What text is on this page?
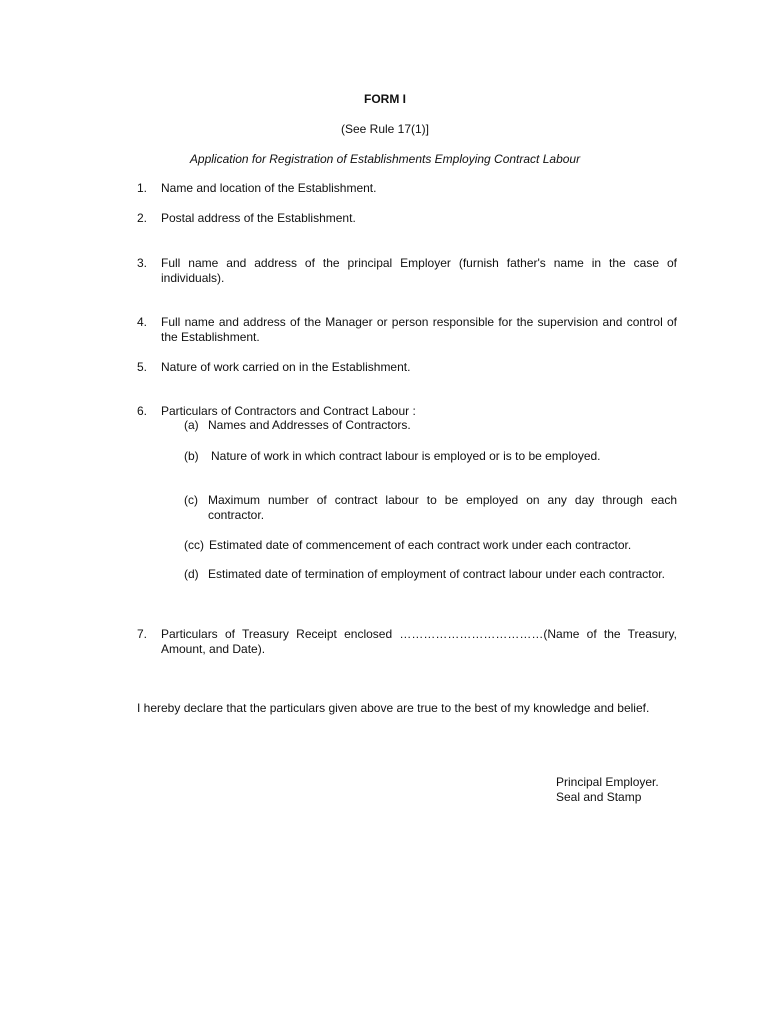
FORM I
(See Rule 17(1)]
Application for Registration of Establishments Employing Contract Labour
1.	Name and location of the Establishment.
2.	Postal address of the Establishment.
3.	Full name and address of the principal Employer (furnish father's name in the case of individuals).
4.	Full name and address of the Manager or person responsible for the supervision and control of the Establishment.
5.	Nature of work carried on in the Establishment.
6.	Particulars of Contractors and Contract Labour :
(a) Names and Addresses of Contractors.
(b) Nature of work in which contract labour is employed or is to be employed.
(c) Maximum number of contract labour to be employed on any day through each contractor.
(cc) Estimated date of commencement of each contract work under each contractor.
(d) Estimated date of termination of employment of contract labour under each contractor.
7.	Particulars of Treasury Receipt enclosed ………………………………(Name of the Treasury, Amount, and Date).
I hereby declare that the particulars given above are true to the best of my knowledge and belief.
Principal Employer.
Seal and Stamp
